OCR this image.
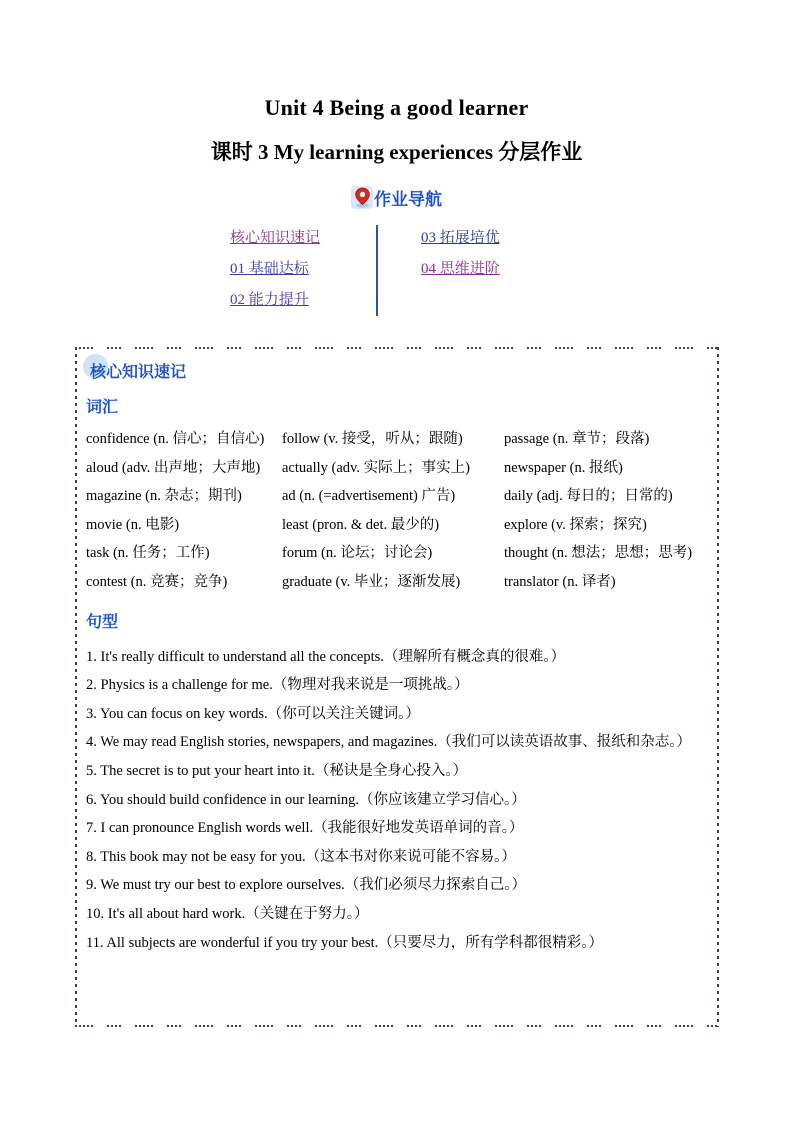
Unit 4 Being a good learner
课时 3 My learning experiences 分层作业
作业导航
核心知识速记
01 基础达标
02 能力提升
03 拓展培优
04 思维进阶
核心知识速记
词汇
confidence (n. 信心；自信心)	follow (v. 接受，听从；跟随)	passage (n. 章节；段落)
aloud (adv. 出声地；大声地)	actually (adv. 实际上；事实上)	newspaper (n. 报纸)
magazine (n. 杂志；期刊)	ad (n. (=advertisement) 广告)	daily (adj. 每日的；日常的)
movie (n. 电影)	least (pron. & det. 最少的)	explore (v. 探索；探究)
task (n. 任务；工作)	forum (n. 论坛；讨论会)	thought (n. 想法；思想；思考)
contest (n. 竞赛；竞争)	graduate (v. 毕业；逐渐发展)	translator (n. 译者)
句型
1. It's really difficult to understand all the concepts.（理解所有概念真的很难。）
2. Physics is a challenge for me.（物理对我来说是一项挑战。）
3. You can focus on key words.（你可以关注关键词。）
4. We may read English stories, newspapers, and magazines.（我们可以读英语故事、报纸和杂志。）
5. The secret is to put your heart into it.（秘诀是全身心投入。）
6. You should build confidence in our learning.（你应该建立学习信心。）
7. I can pronounce English words well.（我能很好地发英语单词的音。）
8. This book may not be easy for you.（这本书对你来说可能不容易。）
9. We must try our best to explore ourselves.（我们必须尽力探索自己。）
10. It's all about hard work.（关键在于努力。）
11. All subjects are wonderful if you try your best.（只要尽力，所有学科都很精彩。）
